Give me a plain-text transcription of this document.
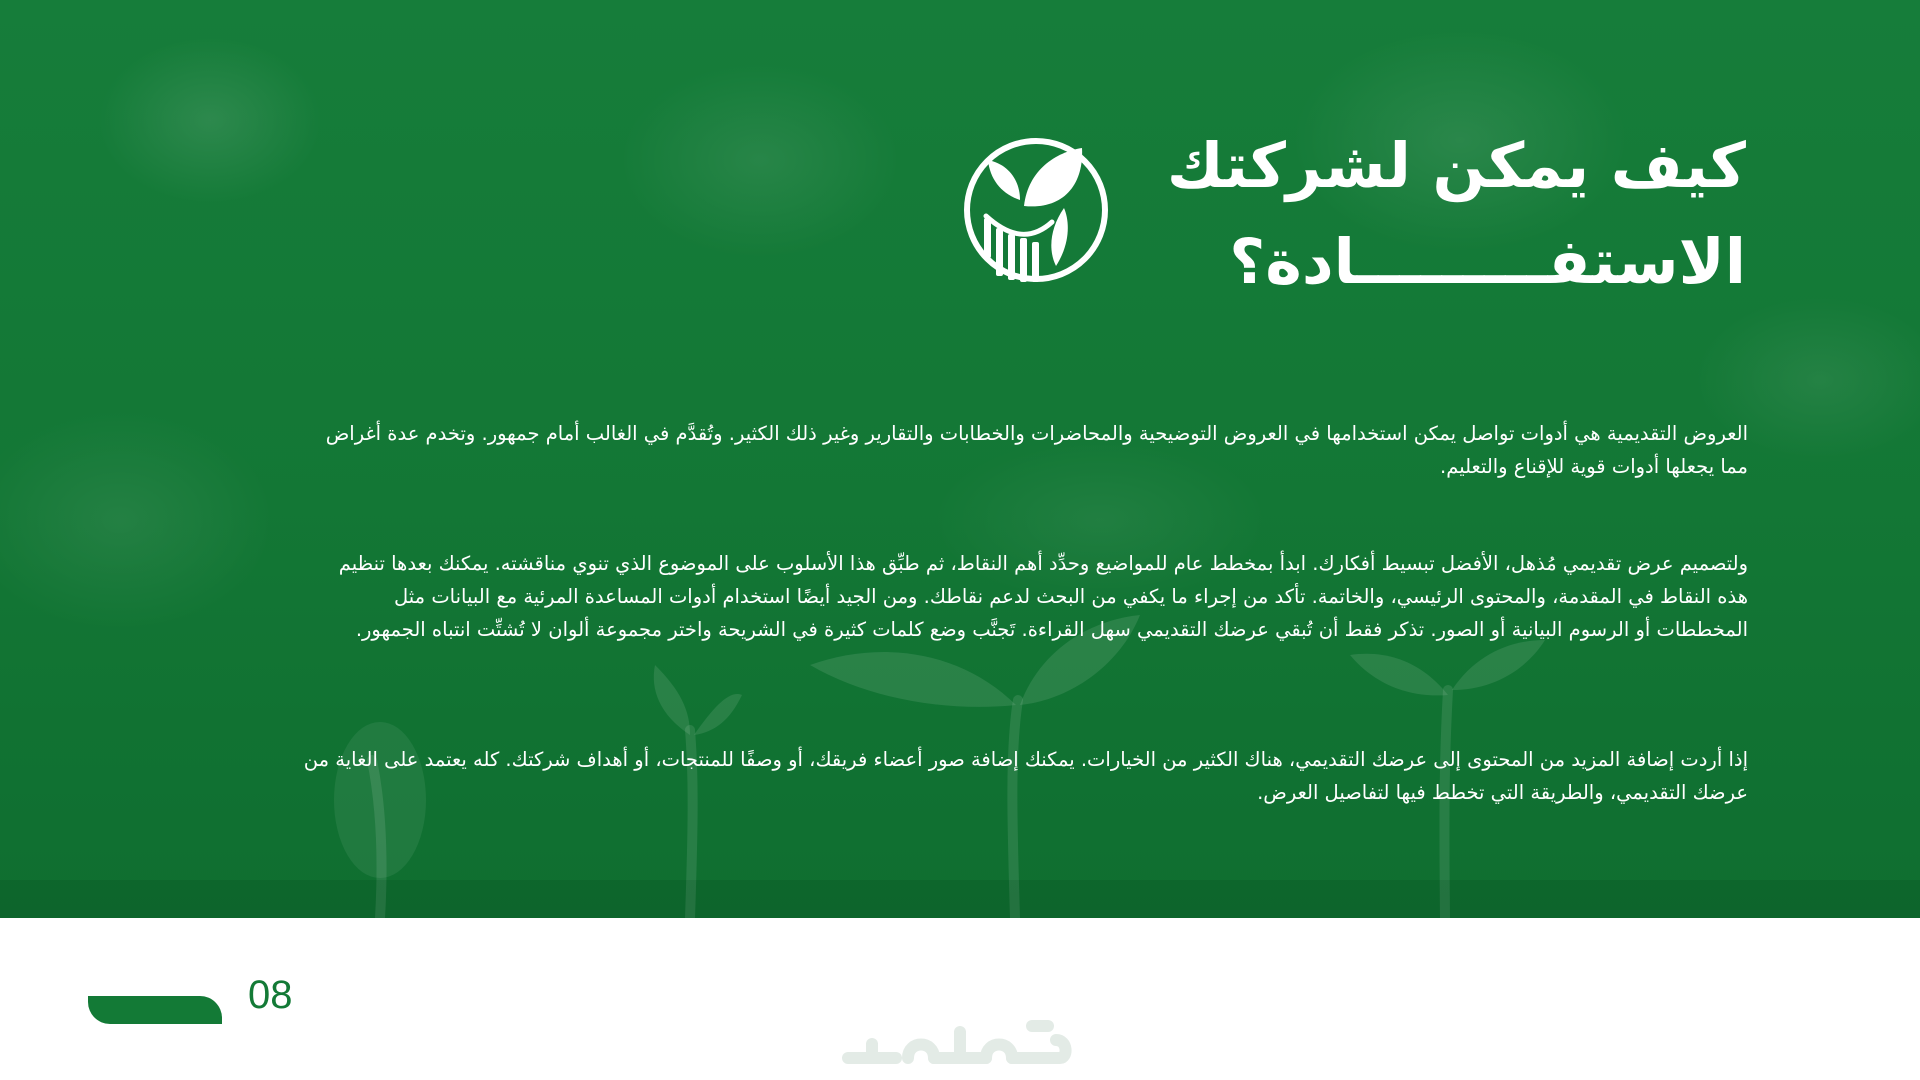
كيف يمكن لشركتك
الاستفـــــــــادة؟

العروض التقديمية هي أدوات تواصل يمكن استخدامها في العروض التوضيحية والمحاضرات والخطابات والتقارير وغير ذلك الكثير. وتُقدَّم في الغالب أمام جمهور. وتخدم عدة أغراض مما يجعلها أدوات قوية للإقناع والتعليم.

ولتصميم عرض تقديمي مُذهل، الأفضل تبسيط أفكارك. ابدأ بمخطط عام للمواضيع وحدِّد أهم النقاط، ثم طبِّق هذا الأسلوب على الموضوع الذي تنوي مناقشته. يمكنك بعدها تنظيم هذه النقاط في المقدمة، والمحتوى الرئيسي، والخاتمة. تأكد من إجراء ما يكفي من البحث لدعم نقاطك. ومن الجيد أيضًا استخدام أدوات المساعدة المرئية مع البيانات مثل المخططات أو الرسوم البيانية أو الصور. تذكر فقط أن تُبقي عرضك التقديمي سهل القراءة. تَجنَّب وضع كلمات كثيرة في الشريحة واختر مجموعة ألوان لا تُشتِّت انتباه الجمهور.

إذا أردت إضافة المزيد من المحتوى إلى عرضك التقديمي، هناك الكثير من الخيارات. يمكنك إضافة صور أعضاء فريقك، أو وصفًا للمنتجات، أو أهداف شركتك. كله يعتمد على الغاية من عرضك التقديمي، والطريقة التي تخطط فيها لتفاصيل العرض.

08
